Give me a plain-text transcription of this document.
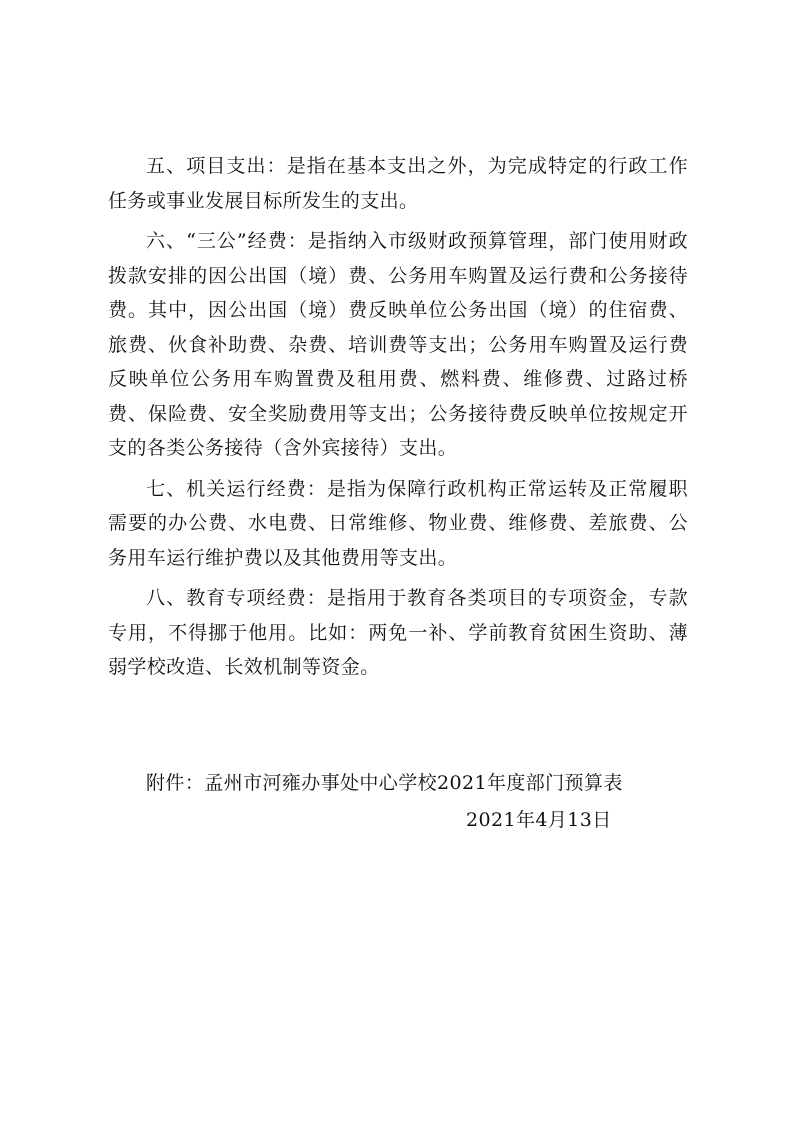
五、项目支出：是指在基本支出之外，为完成特定的行政工作任务或事业发展目标所发生的支出。

六、“三公”经费：是指纳入市级财政预算管理，部门使用财政拨款安排的因公出国（境）费、公务用车购置及运行费和公务接待费。其中，因公出国（境）费反映单位公务出国（境）的住宿费、旅费、伙食补助费、杂费、培训费等支出；公务用车购置及运行费反映单位公务用车购置费及租用费、燃料费、维修费、过路过桥费、保险费、安全奖励费用等支出；公务接待费反映单位按规定开支的各类公务接待（含外宾接待）支出。

七、机关运行经费：是指为保障行政机构正常运转及正常履职需要的办公费、水电费、日常维修、物业费、维修费、差旅费、公务用车运行维护费以及其他费用等支出。

八、教育专项经费：是指用于教育各类项目的专项资金，专款专用，不得挪于他用。比如：两免一补、学前教育贫困生资助、薄弱学校改造、长效机制等资金。

附件：孟州市河雍办事处中心学校2021年度部门预算表
2021年4月13日
